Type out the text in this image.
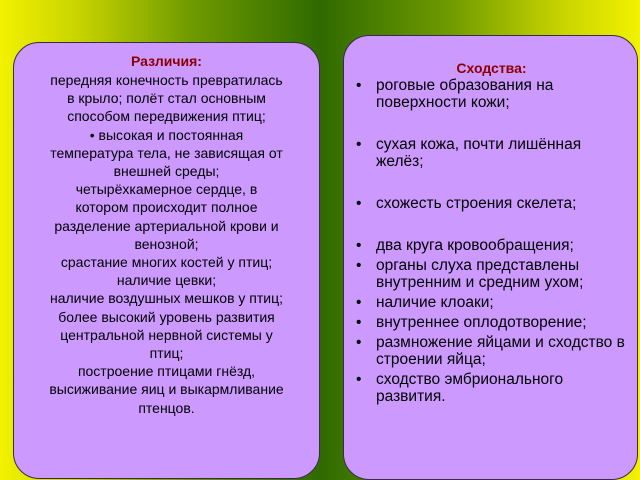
Различия:
передняя конечность превратилась
в крыло; полёт стал основным
способом передвижения птиц;
• высокая и постоянная
температура тела, не зависящая от
внешней среды;
четырёхкамерное сердце, в
котором происходит полное
разделение артериальной крови и
венозной;
срастание многих костей у птиц;
наличие цевки;
наличие воздушных мешков у птиц;
более высокий уровень развития
центральной нервной системы у
птиц;
построение птицами гнёзд,
высиживание яиц и выкармливание
птенцов.
Сходства:
• роговые образования на поверхности кожи;
• сухая кожа, почти лишённая желёз;
• схожесть строения скелета;
• два круга кровообращения;
• органы слуха представлены внутренним и средним ухом;
• наличие клоаки;
• внутреннее оплодотворение;
• размножение яйцами и сходство в строении яйца;
• сходство эмбрионального развития.
